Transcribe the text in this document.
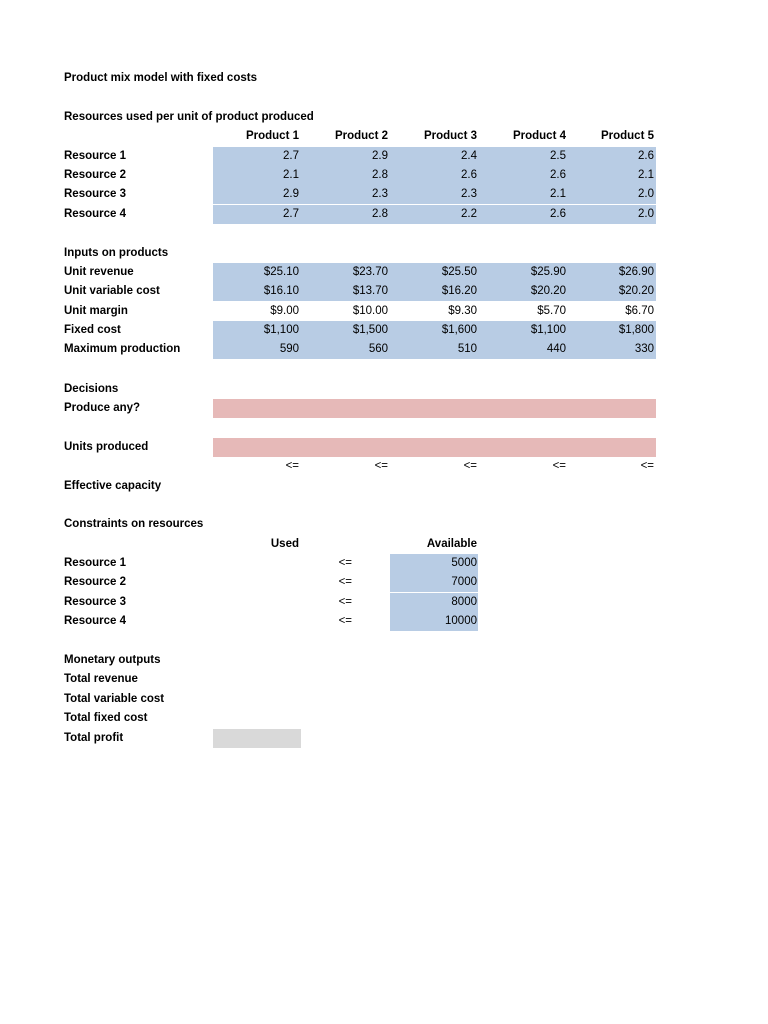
Product mix model with fixed costs
Resources used per unit of product produced
Product 1	Product 2	Product 3	Product 4	Product 5
Resource 1	2.7	2.9	2.4	2.5	2.6
Resource 2	2.1	2.8	2.6	2.6	2.1
Resource 3	2.9	2.3	2.3	2.1	2.0
Resource 4	2.7	2.8	2.2	2.6	2.0
Inputs on products
Unit revenue	$25.10	$23.70	$25.50	$25.90	$26.90
Unit variable cost	$16.10	$13.70	$16.20	$20.20	$20.20
Unit margin	$9.00	$10.00	$9.30	$5.70	$6.70
Fixed cost	$1,100	$1,500	$1,600	$1,100	$1,800
Maximum production	590	560	510	440	330
Decisions
Produce any?
Units produced
<=	<=	<=	<=	<=
Effective capacity
Constraints on resources
Used	Available
Resource 1	<=	5000
Resource 2	<=	7000
Resource 3	<=	8000
Resource 4	<=	10000
Monetary outputs
Total revenue
Total variable cost
Total fixed cost
Total profit
